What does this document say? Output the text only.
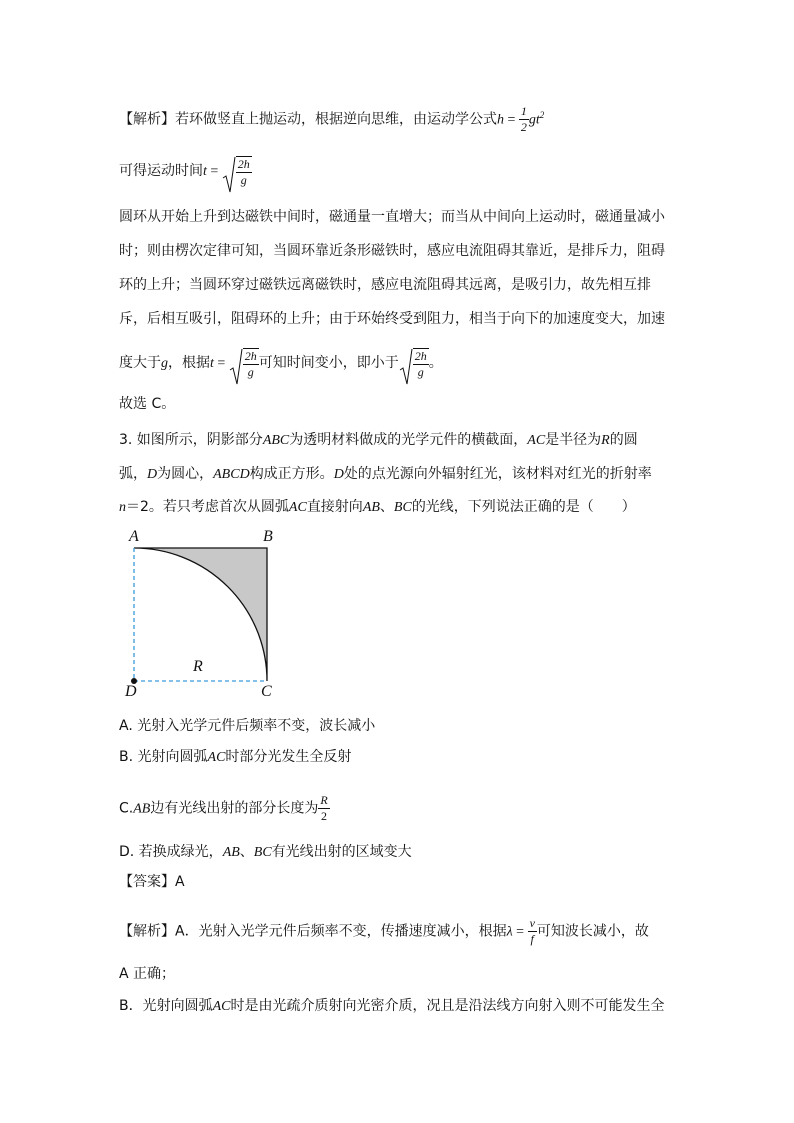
【解析】若环做竖直上抛运动，根据逆向思维，由运动学公式$h = \frac{1}{2} gt^2$
可得运动时间$t = \frac{2h}{g}$
圆环从开始上升到达磁铁中间时，磁通量一直增大；而当从中间向上运动时，磁通量减小
时；则由楞次定律可知，当圆环靠近条形磁铁时，感应电流阻碍其靠近，是排斥力，阻碍
环的上升；当圆环穿过磁铁远离磁铁时，感应电流阻碍其远离，是吸引力，故先相互排
斥，后相互吸引，阻碍环的上升；由于环始终受到阻力，相当于向下的加速度变大，加速
度大于g，根据$t = \frac{2h}{g}$ 可知时间变小，即小于 $\frac{2h}{g}$ 。
故选 C。
3. 如图所示，阴影部分ABC为透明材料做成的光学元件的横截面，AC是半径为R的圆
弧，D为圆心，ABCD构成正方形。D处的点光源向外辐射红光，该材料对红光的折射率
n＝2。若只考虑首次从圆弧AC直接射向AB、BC的光线，下列说法正确的是（　　）
A	B
C
D
R
A. 光射入光学元件后频率不变，波长减小
B. 光射向圆弧AC时部分光发生全反射
C.AB边有光线出射的部分长度为 $\frac{R}{2}$
D. 若换成绿光，AB、BC有光线出射的区域变大
【答案】A
【解析】A．光射入光学元件后频率不变，传播速度减小，根据$\lambda = \frac{v}{f}$ 可知波长减小，故
A 正确；
B．光射向圆弧AC时是由光疏介质射向光密介质，况且是沿法线方向射入则不可能发生全
